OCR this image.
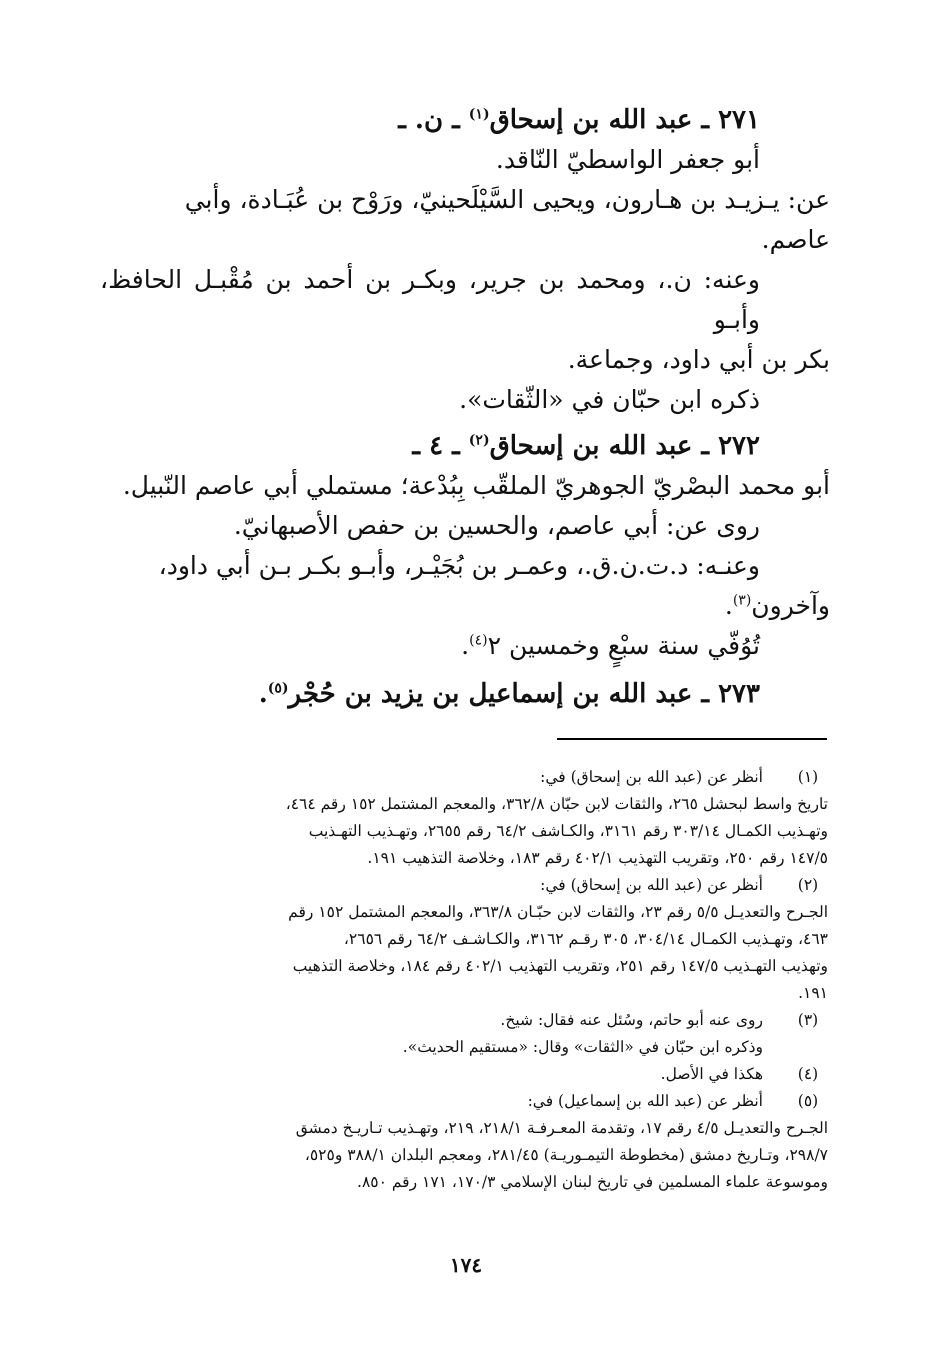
٢٧١ ـ عبد الله بن إسحاق$^{(١)}$ ـ ن. ـ

أبو جعفر الواسطيّ النّاقد.

عن: يـزيـد بن هـارون، ويحيى السَّيْلَحينيّ، ورَوْح بن عُبَـادة، وأبي

عاصم.

وعنه: ن.، ومحمد بن جرير، وبكـر بن أحمد بن مُقْبـل الحافظ، وأبـو

بكر بن أبي داود، وجماعة.

ذكره ابن حبّان في «الثّقات».

٢٧٢ ـ عبد الله بن إسحاق$^{(٢)}$ ـ ٤ ـ

أبو محمد البصْريّ الجوهريّ الملقّب بِبُدْعة؛ مستملي أبي عاصم النّبيل.

روى عن: أبي عاصم، والحسين بن حفص الأصبهانيّ.

وعنـه: د.ت.ن.ق.، وعمـر بن بُجَيْـر، وأبـو بكـر بـن أبي داود،

وآخرون$^{(٣)}$.

تُوُفّي سنة سبْعٍ وخمسين ٢$^{(٤)}$.

٢٧٣ ـ عبد الله بن إسماعيل بن يزيد بن حُجْر$^{(٥)}$.

(١)

أنظر عن (عبد الله بن إسحاق) في:

تاريخ واسط لبحشل ٢٦٥، والثقات لابن حبّان ٣٦٢/٨، والمعجم المشتمل ١٥٢ رقم ٤٦٤،

وتهـذيب الكمـال ٣٠٣/١٤ رقم ٣١٦١، والكـاشف ٦٤/٢ رقم ٢٦٥٥، وتهـذيب التهـذيب

١٤٧/٥ رقم ٢٥٠، وتقريب التهذيب ٤٠٢/١ رقم ١٨٣، وخلاصة التذهيب ١٩١.

(٢)

أنظر عن (عبد الله بن إسحاق) في:

الجـرح والتعديـل ٥/٥ رقم ٢٣، والثقات لابن حبّـان ٣٦٣/٨، والمعجم المشتمل ١٥٢ رقم

٤٦٣، وتهـذيب الكمـال ٣٠٤/١٤، ٣٠٥ رقـم ٣١٦٢، والكـاشـف ٦٤/٢ رقم ٢٦٥٦،

وتهذيب التهـذيب ١٤٧/٥ رقم ٢٥١، وتقريب التهذيب ٤٠٢/١ رقم ١٨٤، وخلاصة التذهيب

١٩١.

(٣)

روى عنه أبو حاتم، وسُئل عنه فقال: شيخ.

وذكره ابن حبّان في «الثقات» وقال: «مستقيم الحديث».

(٤)

هكذا في الأصل.

(٥)

أنظر عن (عبد الله بن إسماعيل) في:

الجـرح والتعديـل ٤/٥ رقم ١٧، وتقدمة المعـرفـة ٢١٨/١، ٢١٩، وتهـذيب تـاريـخ دمشق

٢٩٨/٧، وتـاريخ دمشق (مخطوطة التيمـوريـة) ٢٨١/٤٥، ومعجم البلدان ٣٨٨/١ و٥٢٥،

وموسوعة علماء المسلمين في تاريخ لبنان الإسلامي ١٧٠/٣، ١٧١ رقم ٨٥٠.

١٧٤
